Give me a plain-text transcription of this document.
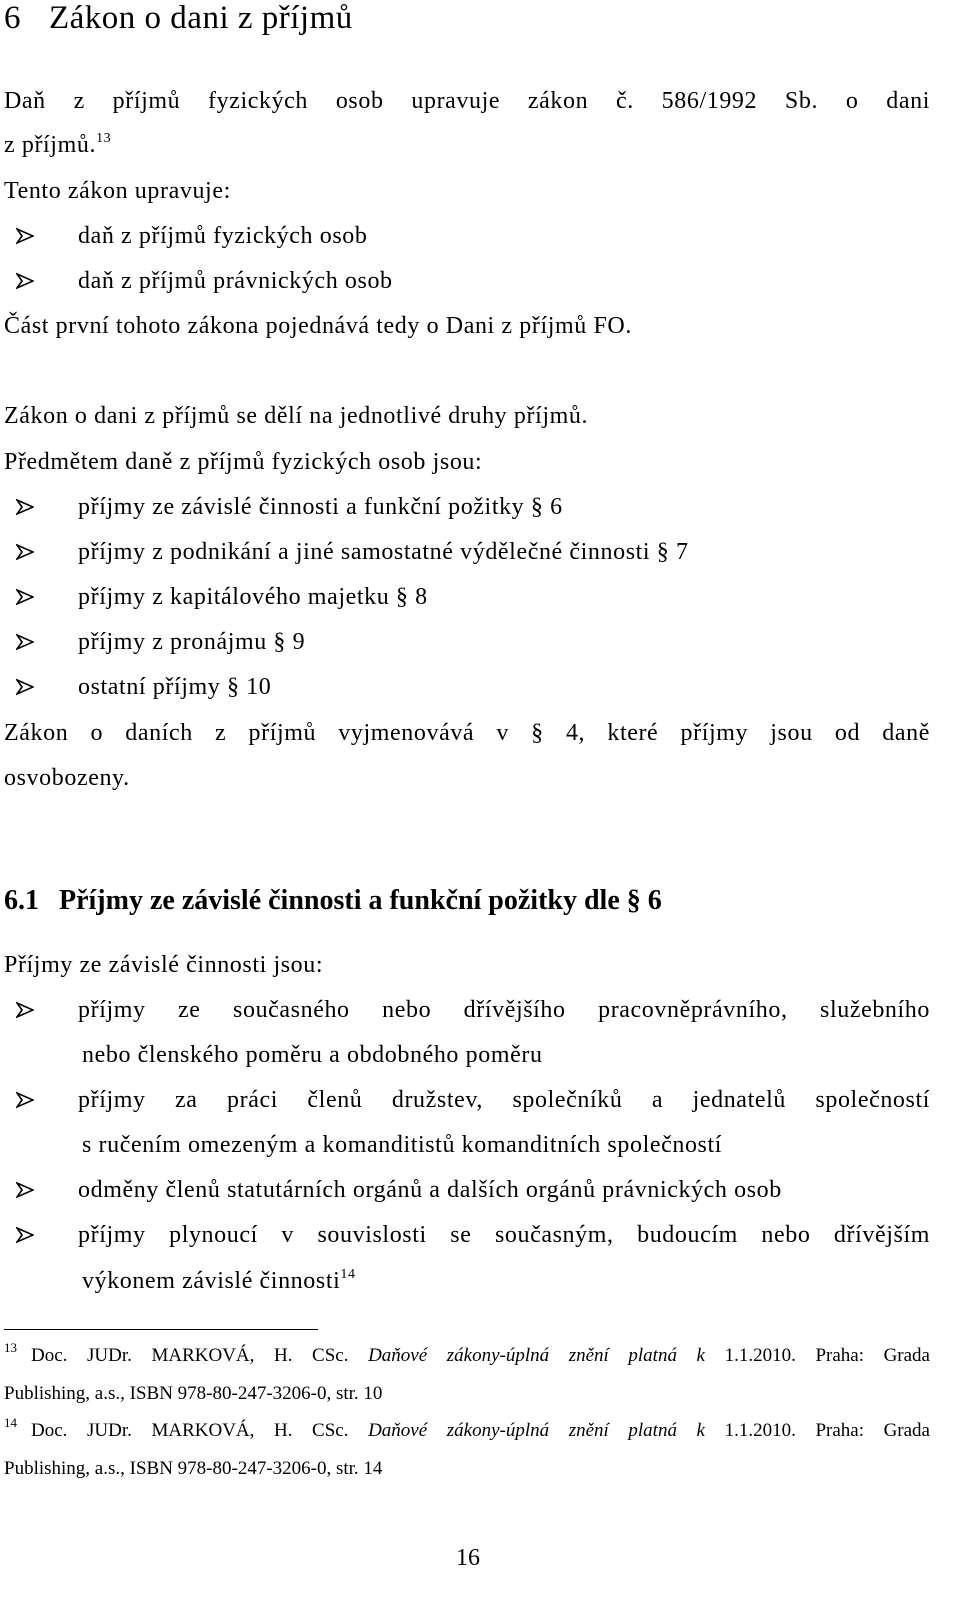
6 Zákon o dani z příjmů
Daň z příjmů fyzických osob upravuje zákon č. 586/1992 Sb. o dani
z příjmů.$^{13}$
Tento zákon upravuje:
daň z příjmů fyzických osob
daň z příjmů právnických osob
Část první tohoto zákona pojednává tedy o Dani z příjmů FO.
Zákon o dani z příjmů se dělí na jednotlivé druhy příjmů.
Předmětem daně z příjmů fyzických osob jsou:
příjmy ze závislé činnosti a funkční požitky § 6
příjmy z podnikání a jiné samostatné výdělečné činnosti § 7
příjmy z kapitálového majetku § 8
příjmy z pronájmu § 9
ostatní příjmy § 10
Zákon o daních z příjmů vyjmenovává v § 4, které příjmy jsou od daně
osvobozeny.
6.1 Příjmy ze závislé činnosti a funkční požitky dle § 6
Příjmy ze závislé činnosti jsou:
příjmy ze současného nebo dřívějšího pracovněprávního, služebního
nebo členského poměru a obdobného poměru
příjmy za práci členů družstev, společníků a jednatelů společností
s ručením omezeným a komanditistů komanditních společností
odměny členů statutárních orgánů a dalších orgánů právnických osob
příjmy plynoucí v souvislosti se současným, budoucím nebo dřívějším
výkonem závislé činnosti$^{14}$
$^{13}$ Doc. JUDr. MARKOVÁ, H. CSc. Daňové zákony-úplná znění platná k 1.1.2010. Praha: Grada
Publishing, a.s., ISBN 978-80-247-3206-0, str. 10
$^{14}$ Doc. JUDr. MARKOVÁ, H. CSc. Daňové zákony-úplná znění platná k 1.1.2010. Praha: Grada
Publishing, a.s., ISBN 978-80-247-3206-0, str. 14
16
